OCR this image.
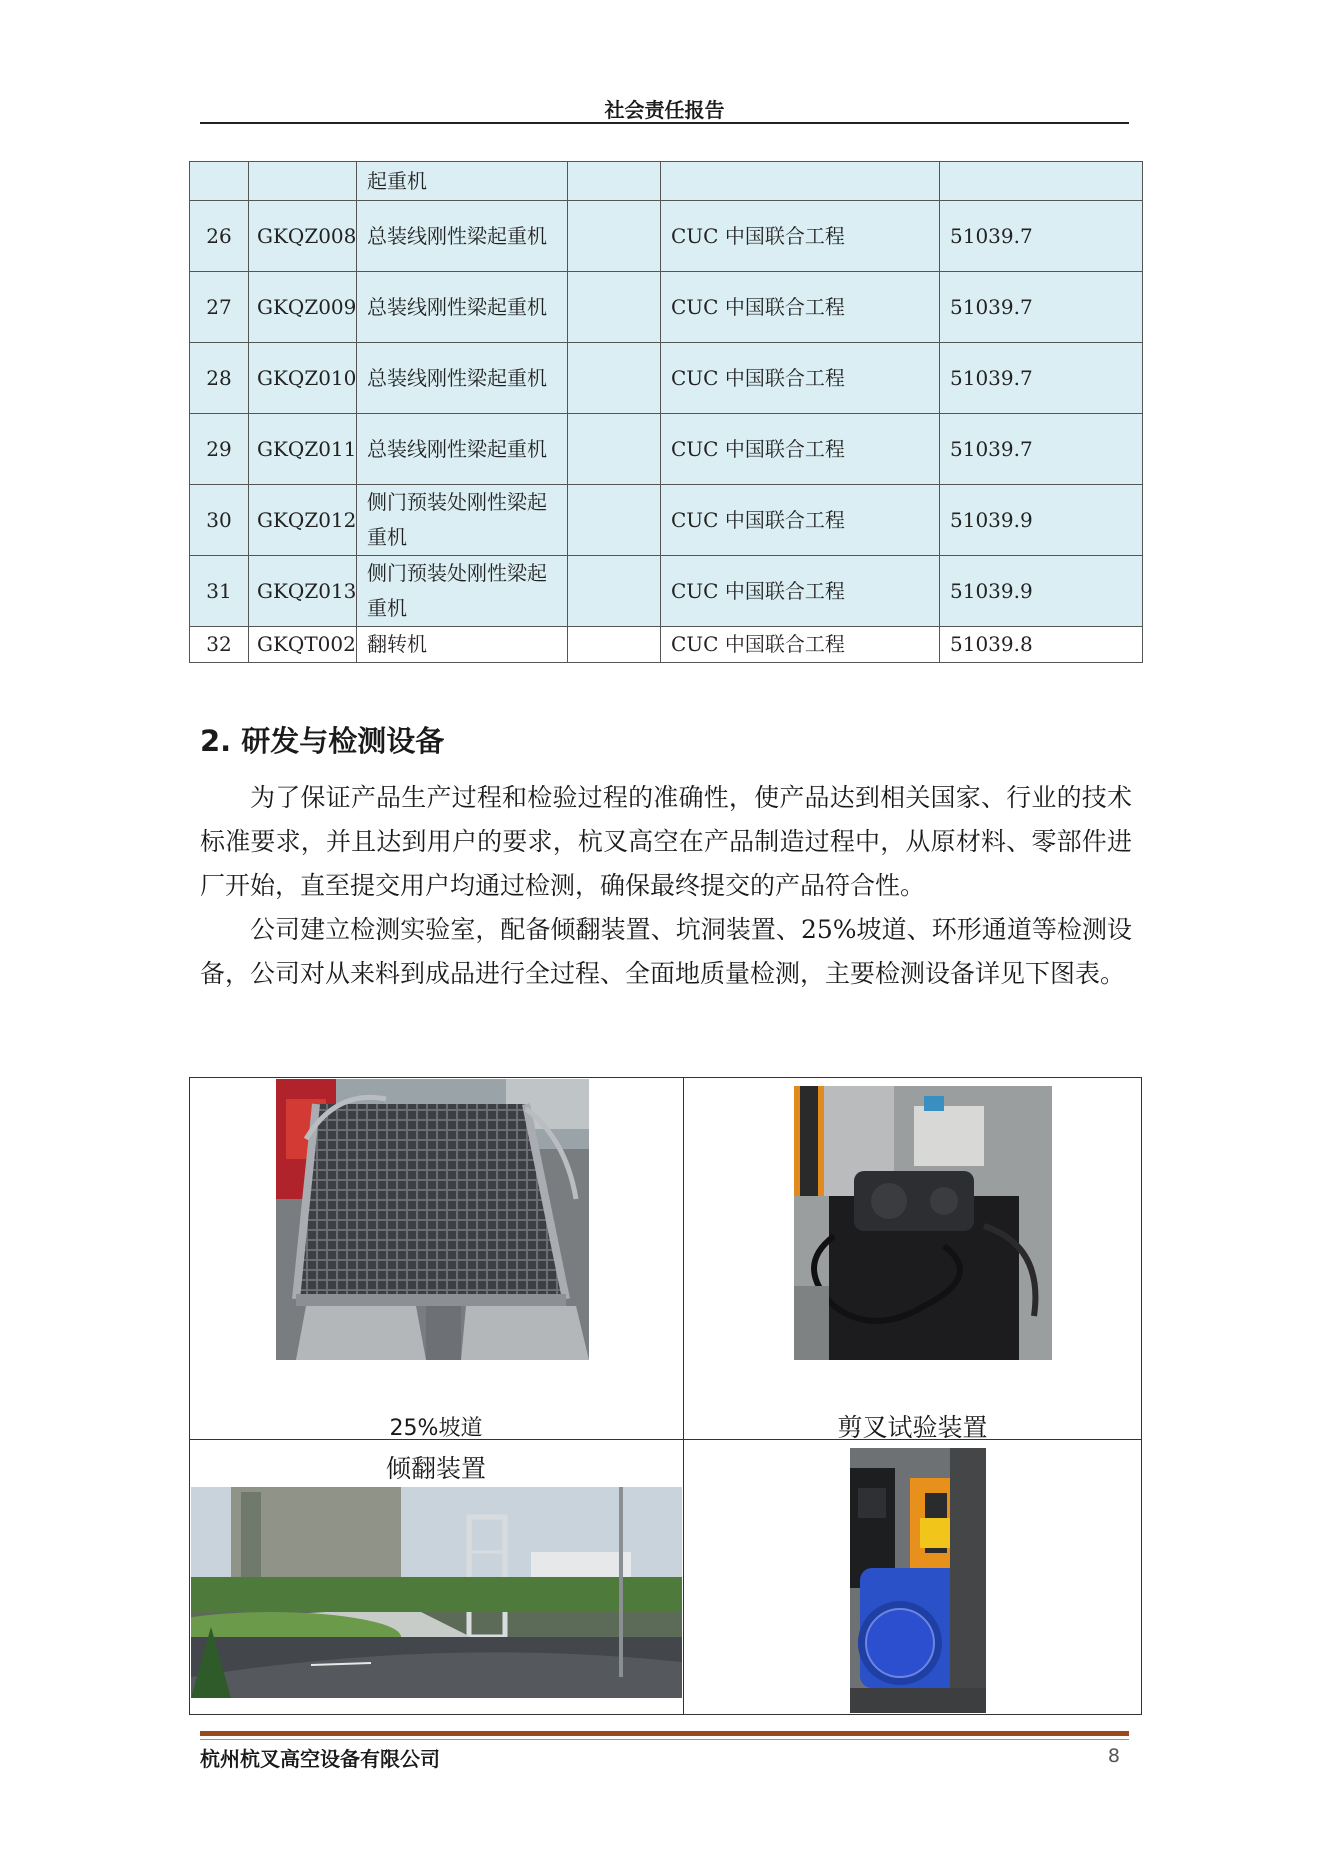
社会责任报告
		起重机			
26	GKQZ008	总装线刚性梁起重机		CUC 中国联合工程	51039.7
27	GKQZ009	总装线刚性梁起重机		CUC 中国联合工程	51039.7
28	GKQZ010	总装线刚性梁起重机		CUC 中国联合工程	51039.7
29	GKQZ011	总装线刚性梁起重机		CUC 中国联合工程	51039.7
30	GKQZ012	侧门预装处刚性梁起重机		CUC 中国联合工程	51039.9
31	GKQZ013	侧门预装处刚性梁起重机		CUC 中国联合工程	51039.9
32	GKQT002	翻转机		CUC 中国联合工程	51039.8
2. 研发与检测设备
为了保证产品生产过程和检验过程的准确性，使产品达到相关国家、行业的技术标准要求，并且达到用户的要求，杭叉高空在产品制造过程中，从原材料、零部件进厂开始，直至提交用户均通过检测，确保最终提交的产品符合性。
公司建立检测实验室，配备倾翻装置、坑洞装置、25%坡道、环形通道等检测设备，公司对从来料到成品进行全过程、全面地质量检测，主要检测设备详见下图表。
25%坡道	剪叉试验装置
倾翻装置
杭州杭叉高空设备有限公司	8
